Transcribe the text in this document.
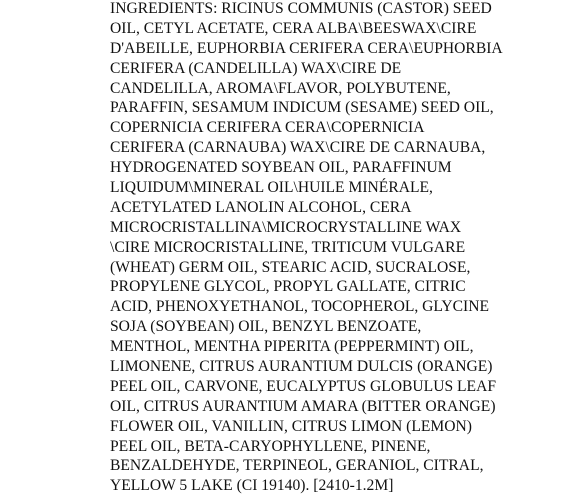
INGREDIENTS: RICINUS COMMUNIS (CASTOR) SEED
OIL, CETYL ACETATE, CERA ALBA\BEESWAX\CIRE
D'ABEILLE, EUPHORBIA CERIFERA CERA\EUPHORBIA
CERIFERA (CANDELILLA) WAX\CIRE DE
CANDELILLA, AROMA\FLAVOR, POLYBUTENE,
PARAFFIN, SESAMUM INDICUM (SESAME) SEED OIL,
COPERNICIA CERIFERA CERA\COPERNICIA
CERIFERA (CARNAUBA) WAX\CIRE DE CARNAUBA,
HYDROGENATED SOYBEAN OIL, PARAFFINUM
LIQUIDUM\MINERAL OIL\HUILE MINÉRALE,
ACETYLATED LANOLIN ALCOHOL, CERA
MICROCRISTALLINA\MICROCRYSTALLINE WAX
\CIRE MICROCRISTALLINE, TRITICUM VULGARE
(WHEAT) GERM OIL, STEARIC ACID, SUCRALOSE,
PROPYLENE GLYCOL, PROPYL GALLATE, CITRIC
ACID, PHENOXYETHANOL, TOCOPHEROL, GLYCINE
SOJA (SOYBEAN) OIL, BENZYL BENZOATE,
MENTHOL, MENTHA PIPERITA (PEPPERMINT) OIL,
LIMONENE, CITRUS AURANTIUM DULCIS (ORANGE)
PEEL OIL, CARVONE, EUCALYPTUS GLOBULUS LEAF
OIL, CITRUS AURANTIUM AMARA (BITTER ORANGE)
FLOWER OIL, VANILLIN, CITRUS LIMON (LEMON)
PEEL OIL, BETA-CARYOPHYLLENE, PINENE,
BENZALDEHYDE, TERPINEOL, GERANIOL, CITRAL,
YELLOW 5 LAKE (CI 19140). [2410-1.2M]
